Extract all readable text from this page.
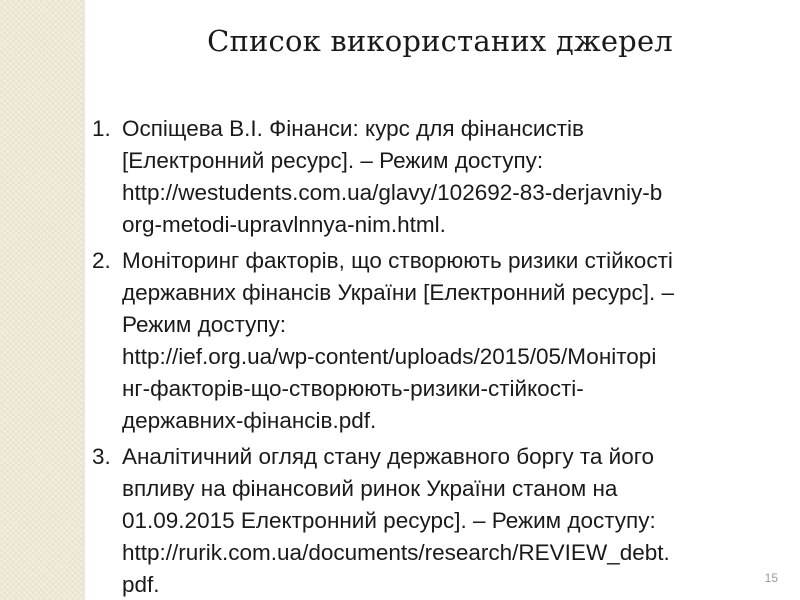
Список використаних джерел
1. Оспіщева В.І. Фінанси: курс для фінансистів
[Електронний ресурс]. – Режим доступу:
http://westudents.com.ua/glavy/102692-83-derjavniy-b
org-metodi-upravlnnya-nim.html.
2. Моніторинг факторів, що створюють ризики стійкості
державних фінансів України [Електронний ресурс]. –
Режим доступу:
http://ief.org.ua/wp-content/uploads/2015/05/Моніторі
нг-факторів-що-створюють-ризики-стійкості-
державних-фінансів.pdf.
3. Аналітичний огляд стану державного боргу та його
впливу на фінансовий ринок України станом на
01.09.2015 Електронний ресурс]. – Режим доступу:
http://rurik.com.ua/documents/research/REVIEW_debt.
pdf.	15
